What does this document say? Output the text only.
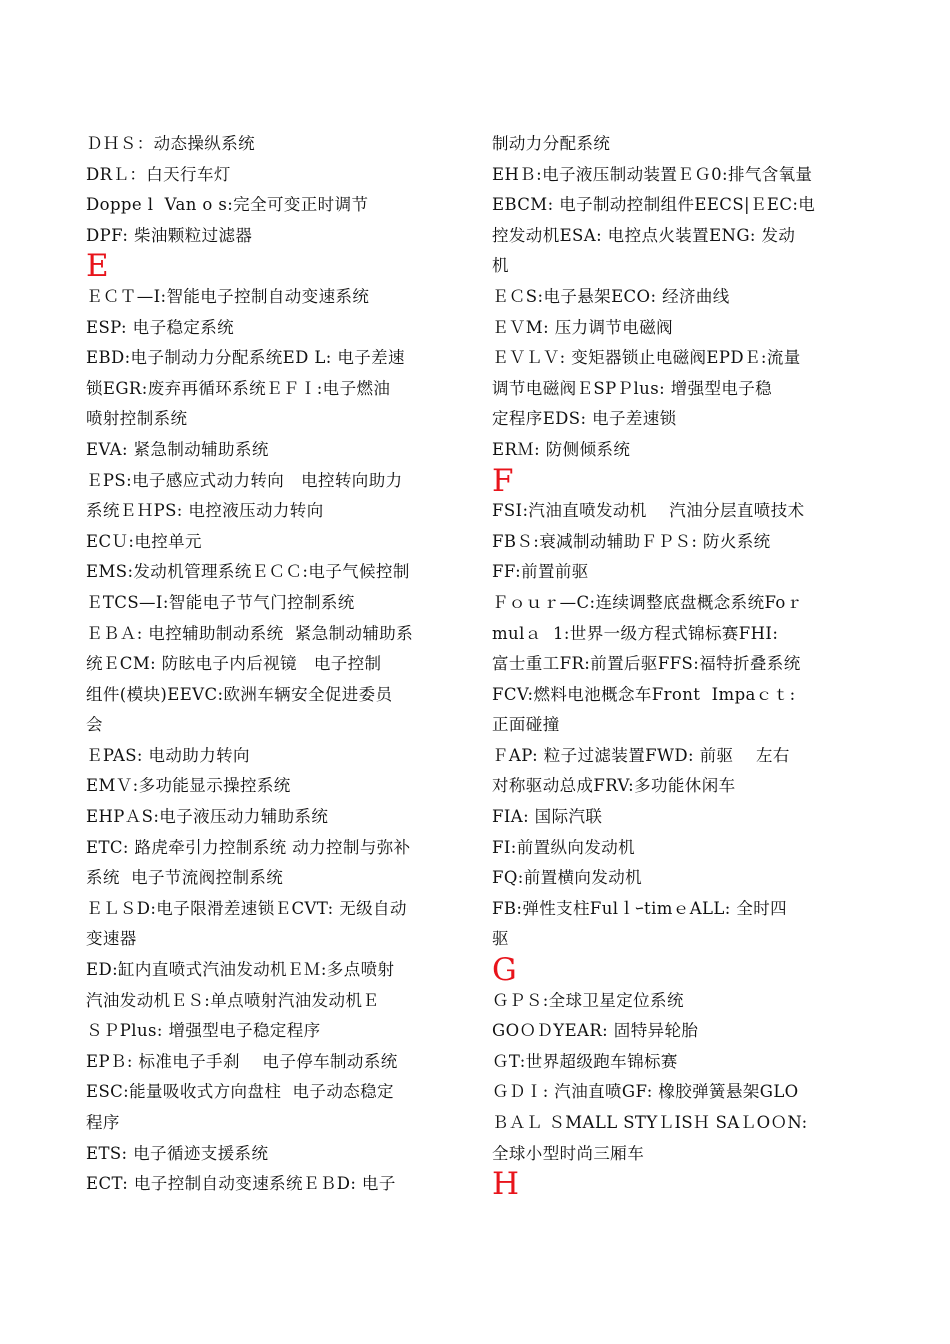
ＤＨＳ：动态操纵系统
DRＬ：白天行车灯
Doppe l  Van o s:完全可变正时调节
DPF: 柴油颗粒过滤器
E
ＥＣＴ—I:智能电子控制自动变速系统
ESP: 电子稳定系统
EBD:电子制动力分配系统ED L: 电子差速
锁EGR:废弃再循环系统ＥＦＩ:电子燃油
喷射控制系统
EVA: 紧急制动辅助系统
ＥPS:电子感应式动力转向   电控转向助力
系统ＥＨPS: 电控液压动力转向
ECＵ:电控单元
EMS:发动机管理系统ＥＣＣ:电子气候控制
ＥTCS—I:智能电子节气门控制系统
ＥＢＡ: 电控辅助制动系统  紧急制动辅助系
统ＥCM: 防眩电子内后视镜   电子控制
组件(模块)EEVC:欧洲车辆安全促进委员
会
ＥPAS: 电动助力转向
EMＶ:多功能显示操控系统
EHPＡS:电子液压动力辅助系统
ETC: 路虎牵引力控制系统 动力控制与弥补
系统  电子节流阀控制系统
ＥＬＳD:电子限滑差速锁ＥCVT: 无级自动
变速器
ED:缸内直喷式汽油发动机ＥＭ:多点喷射
汽油发动机ＥＳ:单点喷射汽油发动机Ｅ
ＳＰPlus: 增强型电子稳定程序
EPＢ: 标准电子手刹    电子停车制动系统
ESC:能量吸收式方向盘柱  电子动态稳定
程序
ETS: 电子循迹支援系统
ECT: 电子控制自动变速系统ＥＢD: 电子
制动力分配系统
EHＢ:电子液压制动装置ＥＧ0:排气含氧量
EBCM: 电子制动控制组件EECS|ＥEC:电
控发动机ESA: 电控点火装置ENG: 发动
机
ＥＣS:电子悬架ECO: 经济曲线
ＥＶM: 压力调节电磁阀
ＥＶＬＶ: 变矩器锁止电磁阀EPDＥ:流量
调节电磁阀ＥSPＰlus: 增强型电子稳
定程序EDS: 电子差速锁
ERＭ: 防侧倾系统
F
FSI:汽油直喷发动机    汽油分层直喷技术
FBＳ:衰减制动辅助ＦＰＳ: 防火系统
FF:前置前驱
Ｆｏｕｒ—C:连续调整底盘概念系统Foｒ
mulａ  1:世界一级方程式锦标赛FHI:
富士重工FR:前置后驱FFS:福特折叠系统
FCV:燃料电池概念车Front  Impaｃｔ:
正面碰撞
ＦAP: 粒子过滤装置FWD: 前驱    左右
对称驱动总成FRV:多功能休闲车
FIA: 国际汽联
FI:前置纵向发动机
FQ:前置横向发动机
FB:弹性支柱FulｌｰtimｅALL: 全时四
驱
G
ＧＰＳ:全球卫星定位系统
GOＯＤYEAR: 固特异轮胎
ＧT:世界超级跑车锦标赛
ＧＤＩ: 汽油直喷GF: 橡胶弹簧悬架GLO
ＢＡＬ ＳMALL STYＬISＨ SAＬOＯN:
全球小型时尚三厢车
H
